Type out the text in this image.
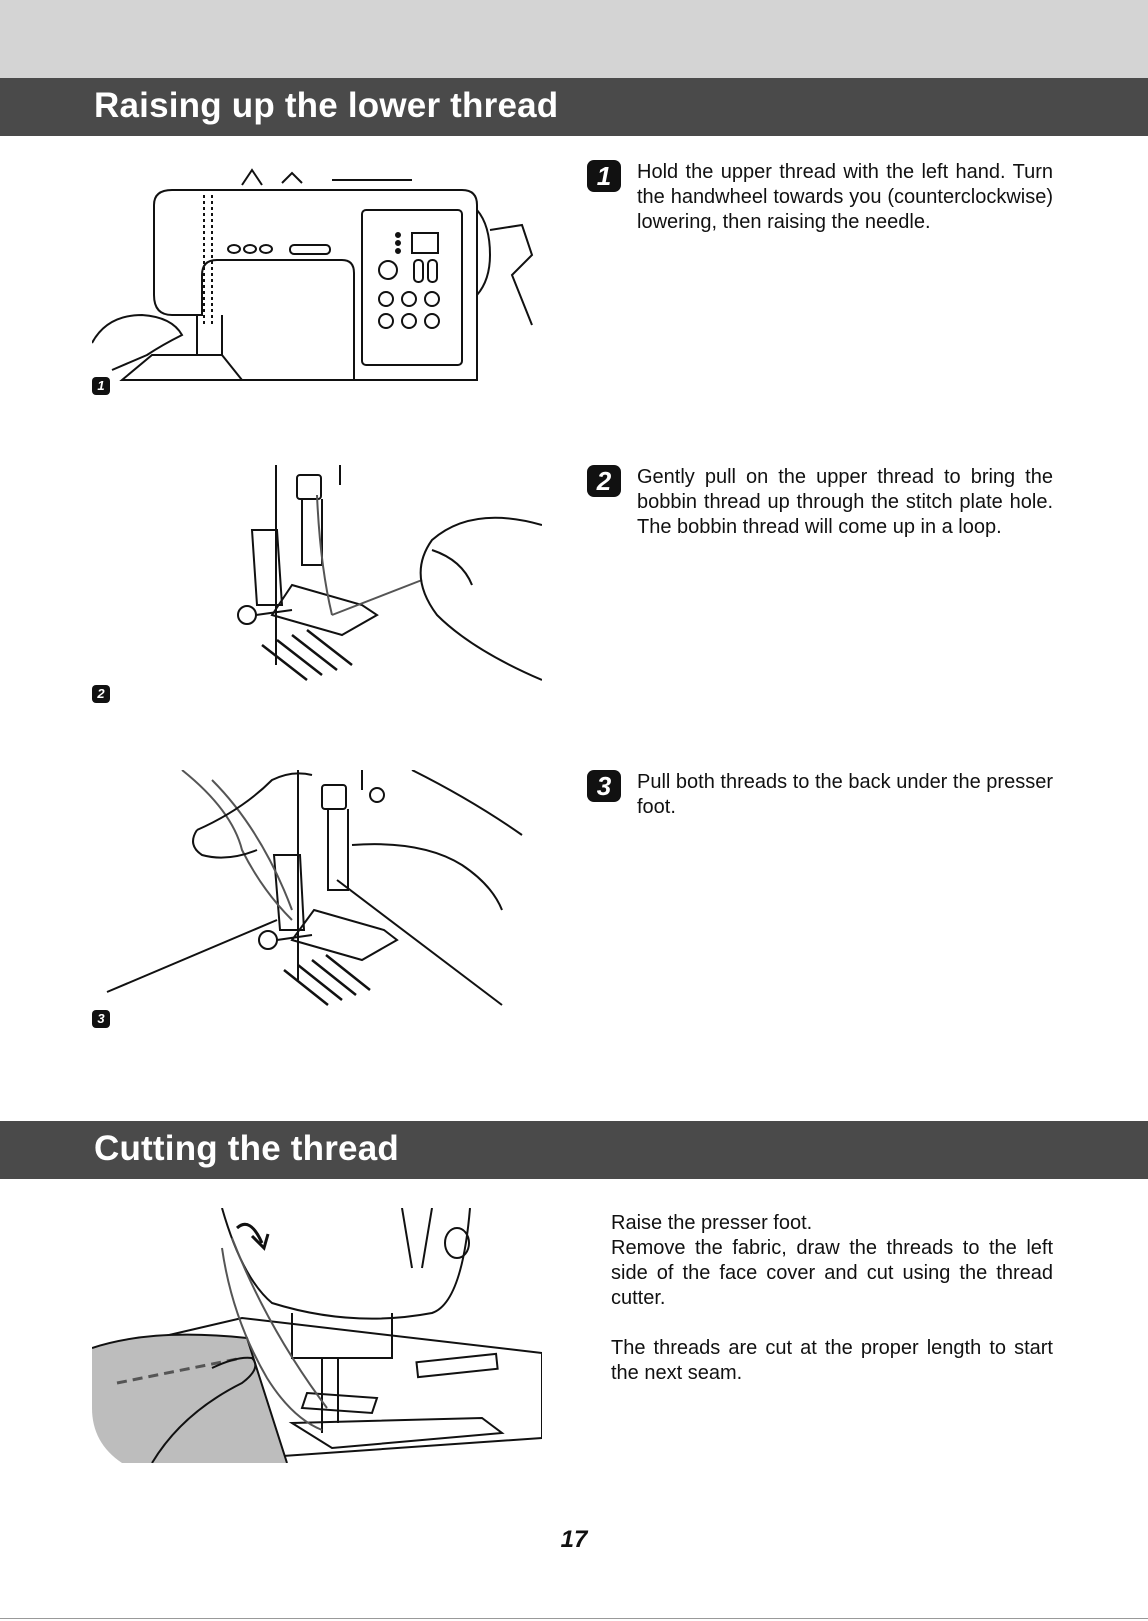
Raising up the lower thread
1
1	Hold the upper thread with the left hand. Turn the handwheel towards you (counterclockwise) lowering, then raising the needle.
2
2	Gently pull on the upper thread to bring the bobbin thread up through the stitch plate hole. The bobbin thread will come up in a loop.
3
3	Pull both threads to the back under the presser foot.
Cutting the thread

Raise the presser foot.

Remove the fabric, draw the threads to the left side of the face cover and cut using the thread cutter.

The threads are cut at the proper length to start the next seam.

17
